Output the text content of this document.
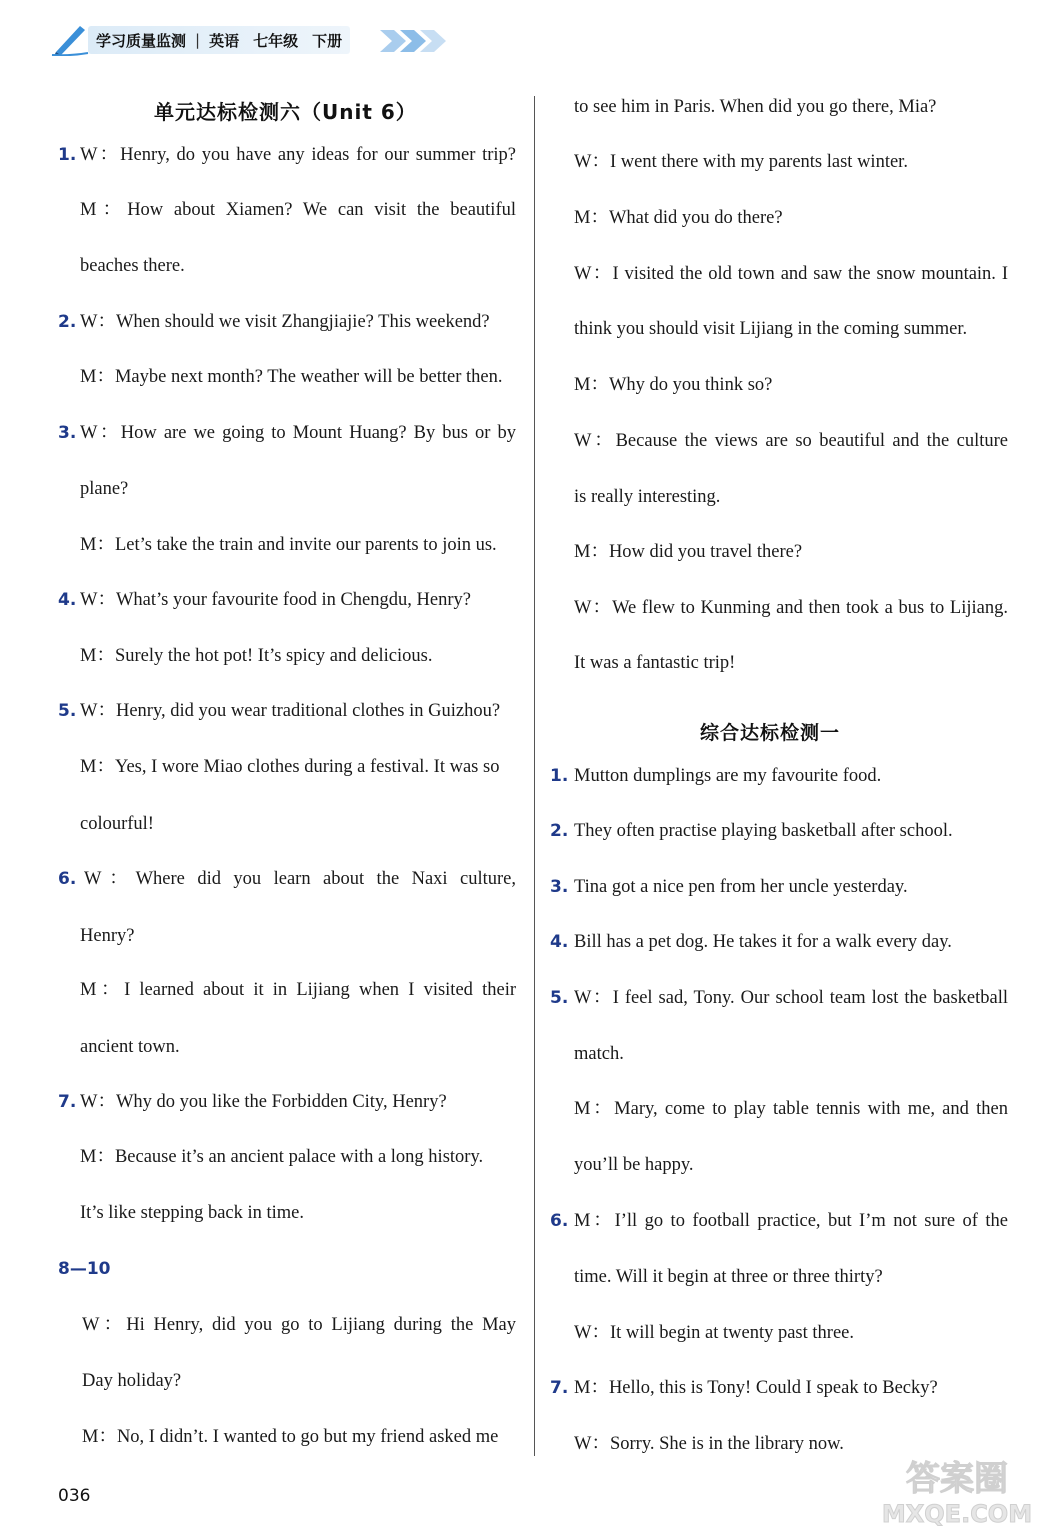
学习质量监测 | 英语 七年级 下册
单元达标检测六（Unit 6）
1. W：Henry, do you have any ideas for our summer trip?
M：How about Xiamen? We can visit the beautiful
beaches there.
2. W：When should we visit Zhangjiajie? This weekend?
M：Maybe next month? The weather will be better then.
3. W：How are we going to Mount Huang? By bus or by
plane?
M：Let’s take the train and invite our parents to join us.
4. W：What’s your favourite food in Chengdu, Henry?
M：Surely the hot pot! It’s spicy and delicious.
5. W：Henry, did you wear traditional clothes in Guizhou?
M：Yes, I wore Miao clothes during a festival. It was so
colourful!
6. W：Where did you learn about the Naxi culture,
Henry?
M：I learned about it in Lijiang when I visited their
ancient town.
7. W：Why do you like the Forbidden City, Henry?
M：Because it’s an ancient palace with a long history.
It’s like stepping back in time.
8—10
W：Hi Henry, did you go to Lijiang during the May
Day holiday?
M：No, I didn’t. I wanted to go but my friend asked me
to see him in Paris. When did you go there, Mia?
W：I went there with my parents last winter.
M：What did you do there?
W：I visited the old town and saw the snow mountain. I
think you should visit Lijiang in the coming summer.
M：Why do you think so?
W：Because the views are so beautiful and the culture
is really interesting.
M：How did you travel there?
W：We flew to Kunming and then took a bus to Lijiang.
It was a fantastic trip!
综合达标检测一
1. Mutton dumplings are my favourite food.
2. They often practise playing basketball after school.
3. Tina got a nice pen from her uncle yesterday.
4. Bill has a pet dog. He takes it for a walk every day.
5. W：I feel sad, Tony. Our school team lost the basketball
match.
M：Mary, come to play table tennis with me, and then
you’ll be happy.
6. M：I’ll go to football practice, but I’m not sure of the
time. Will it begin at three or three thirty?
W：It will begin at twenty past three.
7. M：Hello, this is Tony! Could I speak to Becky?
W：Sorry. She is in the library now.
036	答案圈
MXQE.COM
